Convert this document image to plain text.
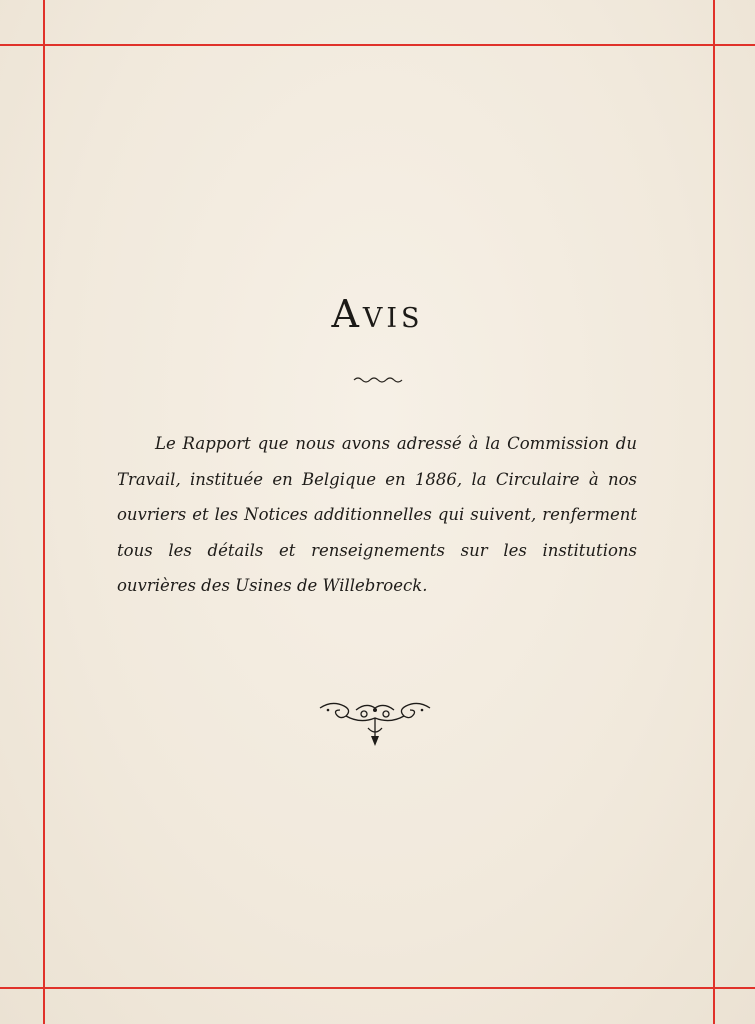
Avis
Le Rapport que nous avons adressé à la Commission du Travail, instituée en Belgique en 1886, la Circulaire à nos ouvriers et les Notices additionnelles qui suivent, renferment tous les détails et renseignements sur les institutions ouvrières des Usines de Willebroeck.
